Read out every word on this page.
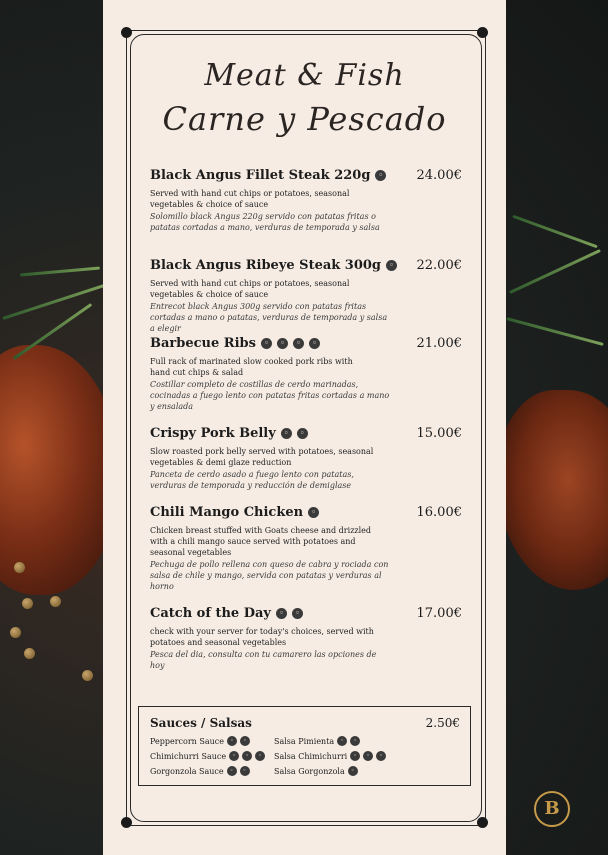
B
Meat & Fish
Carne y Pescado
Black Angus Fillet Steak 220g	◦	24.00€
Served with hand cut chips or potatoes, seasonal vegetables & choice of sauce
Solomillo black Angus 220g servido con patatas fritas o patatas cortadas a mano, verduras de temporada y salsa
Black Angus Ribeye Steak 300g	◦ 22.00€
Served with hand cut chips or potatoes, seasonal vegetables & choice of sauce
Entrecot black Angus 300g servido con patatas fritas cortadas a mano o patatas, verduras de temporada y salsa a elegir
Barbecue Ribs	◦	◦	◦	◦	21.00€
Full rack of marinated slow cooked pork ribs with hand cut chips & salad
Costillar completo de costillas de cerdo marinadas, cocinadas a fuego lento con patatas fritas cortadas a mano y ensalada
Crispy Pork Belly	◦	◦	15.00€
Slow roasted pork belly served with potatoes, seasonal vegetables & demi glaze reduction
Panceta de cerdo asado a fuego lento con patatas, verduras de temporada y reducción de demiglase
Chili Mango Chicken	◦	16.00€
Chicken breast stuffed with Goats cheese and drizzled with a chili mango sauce served with potatoes and seasonal vegetables
Pechuga de pollo rellena con queso de cabra y rociada con salsa de chile y mango, servida con patatas y verduras al horno
Catch of the Day	◦	◦	17.00€
check with your server for today's choices, served with potatoes and seasonal vegetables
Pesca del dia, consulta con tu camarero las opciones de hoy
Sauces / Salsas	2.50€
Peppercorn Sauce	◦	◦	Salsa Pimienta	◦	◦
Chimichurri Sauce	◦	◦	◦	Salsa Chimichurri	◦	◦	◦
Gorgonzola Sauce	◦	◦	Salsa Gorgonzola	◦
